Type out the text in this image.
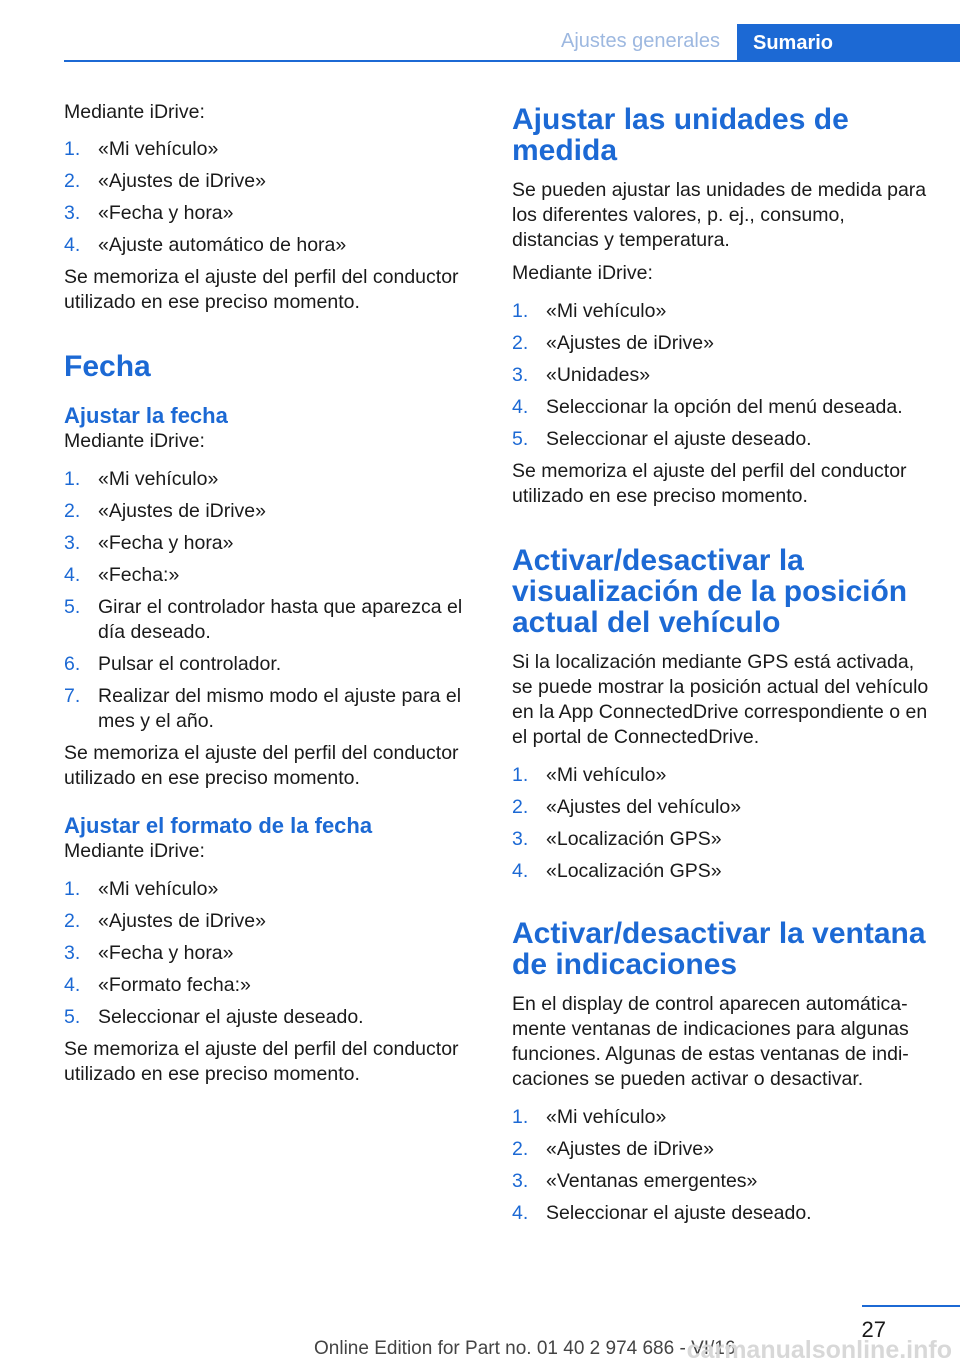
Ajustes generales	Sumario

Mediante iDrive:

1. «Mi vehículo»
2. «Ajustes de iDrive»
3. «Fecha y hora»
4. «Ajuste automático de hora»

Se memoriza el ajuste del perfil del conductor utilizado en ese preciso momento.

Fecha
Ajustar la fecha

Mediante iDrive:

1. «Mi vehículo»
2. «Ajustes de iDrive»
3. «Fecha y hora»
4. «Fecha:»
5. Girar el controlador hasta que aparezca el día deseado.
6. Pulsar el controlador.
7. Realizar del mismo modo el ajuste para el mes y el año.

Se memoriza el ajuste del perfil del conductor utilizado en ese preciso momento.

Ajustar el formato de la fecha

Mediante iDrive:

1. «Mi vehículo»
2. «Ajustes de iDrive»
3. «Fecha y hora»
4. «Formato fecha:»
5. Seleccionar el ajuste deseado.

Se memoriza el ajuste del perfil del conductor utilizado en ese preciso momento.

Ajustar las unidades de medida

Se pueden ajustar las unidades de medida para los diferentes valores, p. ej., consumo, distancias y temperatura.

Mediante iDrive:

1. «Mi vehículo»
2. «Ajustes de iDrive»
3. «Unidades»
4. Seleccionar la opción del menú deseada.
5. Seleccionar el ajuste deseado.

Se memoriza el ajuste del perfil del conductor utilizado en ese preciso momento.

Activar/desactivar la visualización de la posición actual del vehículo

Si la localización mediante GPS está activada, se puede mostrar la posición actual del vehículo en la App ConnectedDrive correspondiente o en el portal de ConnectedDrive.

1. «Mi vehículo»
2. «Ajustes del vehículo»
3. «Localización GPS»
4. «Localización GPS»
Activar/desactivar la ventana de indicaciones

En el display de control aparecen automáticamente ventanas de indicaciones para algunas funciones. Algunas de estas ventanas de indicaciones se pueden activar o desactivar.

1. «Mi vehículo»
2. «Ajustes de iDrive»
3. «Ventanas emergentes»
4. Seleccionar el ajuste deseado.
27
Online Edition for Part no. 01 40 2 974 686 - VI/16
carmanualsonline.info
